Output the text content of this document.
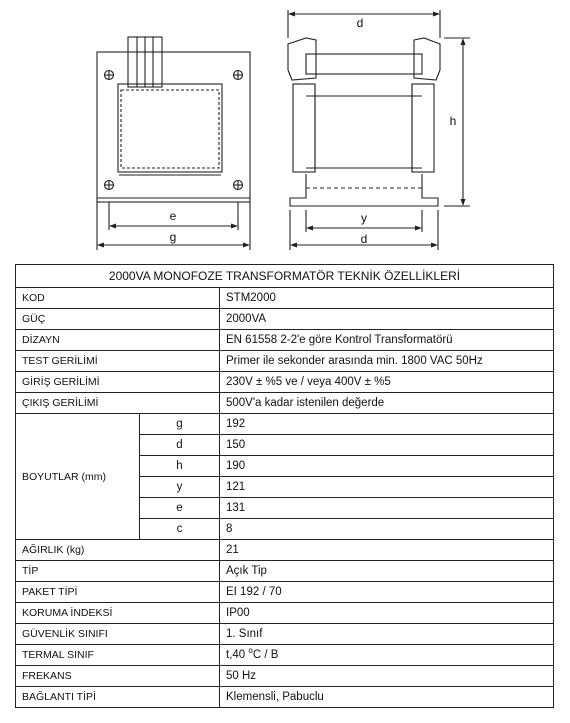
d
h
e
g
y
d
2000VA MONOFOZE TRANSFORMATÖR TEKNİK ÖZELLİKLERİ		
KOD		STM2000
GÜÇ		2000VA
DİZAYN		EN 61558 2-2'e göre Kontrol Transformatörü
TEST GERİLİMİ		Primer ile sekonder arasında min. 1800 VAC 50Hz
GİRİŞ GERİLİMİ		230V ± %5 ve / veya 400V ± %5
ÇIKIŞ GERİLİMİ		500V'a kadar istenilen değerde
BOYUTLAR (mm)	g	192
	d	150
	h	190
	y	121
	e	131
	c	8
AĞIRLIK (kg)		21
TİP		Açık Tip
PAKET TİPİ		EI 192 / 70
KORUMA İNDEKSİ		IP00
GÜVENLİK SINIFI		1. Sınıf
TERMAL SINIF		t,40 $^o$C / B
FREKANS		50 Hz
BAĞLANTI TİPİ		Klemensli, Pabuclu
